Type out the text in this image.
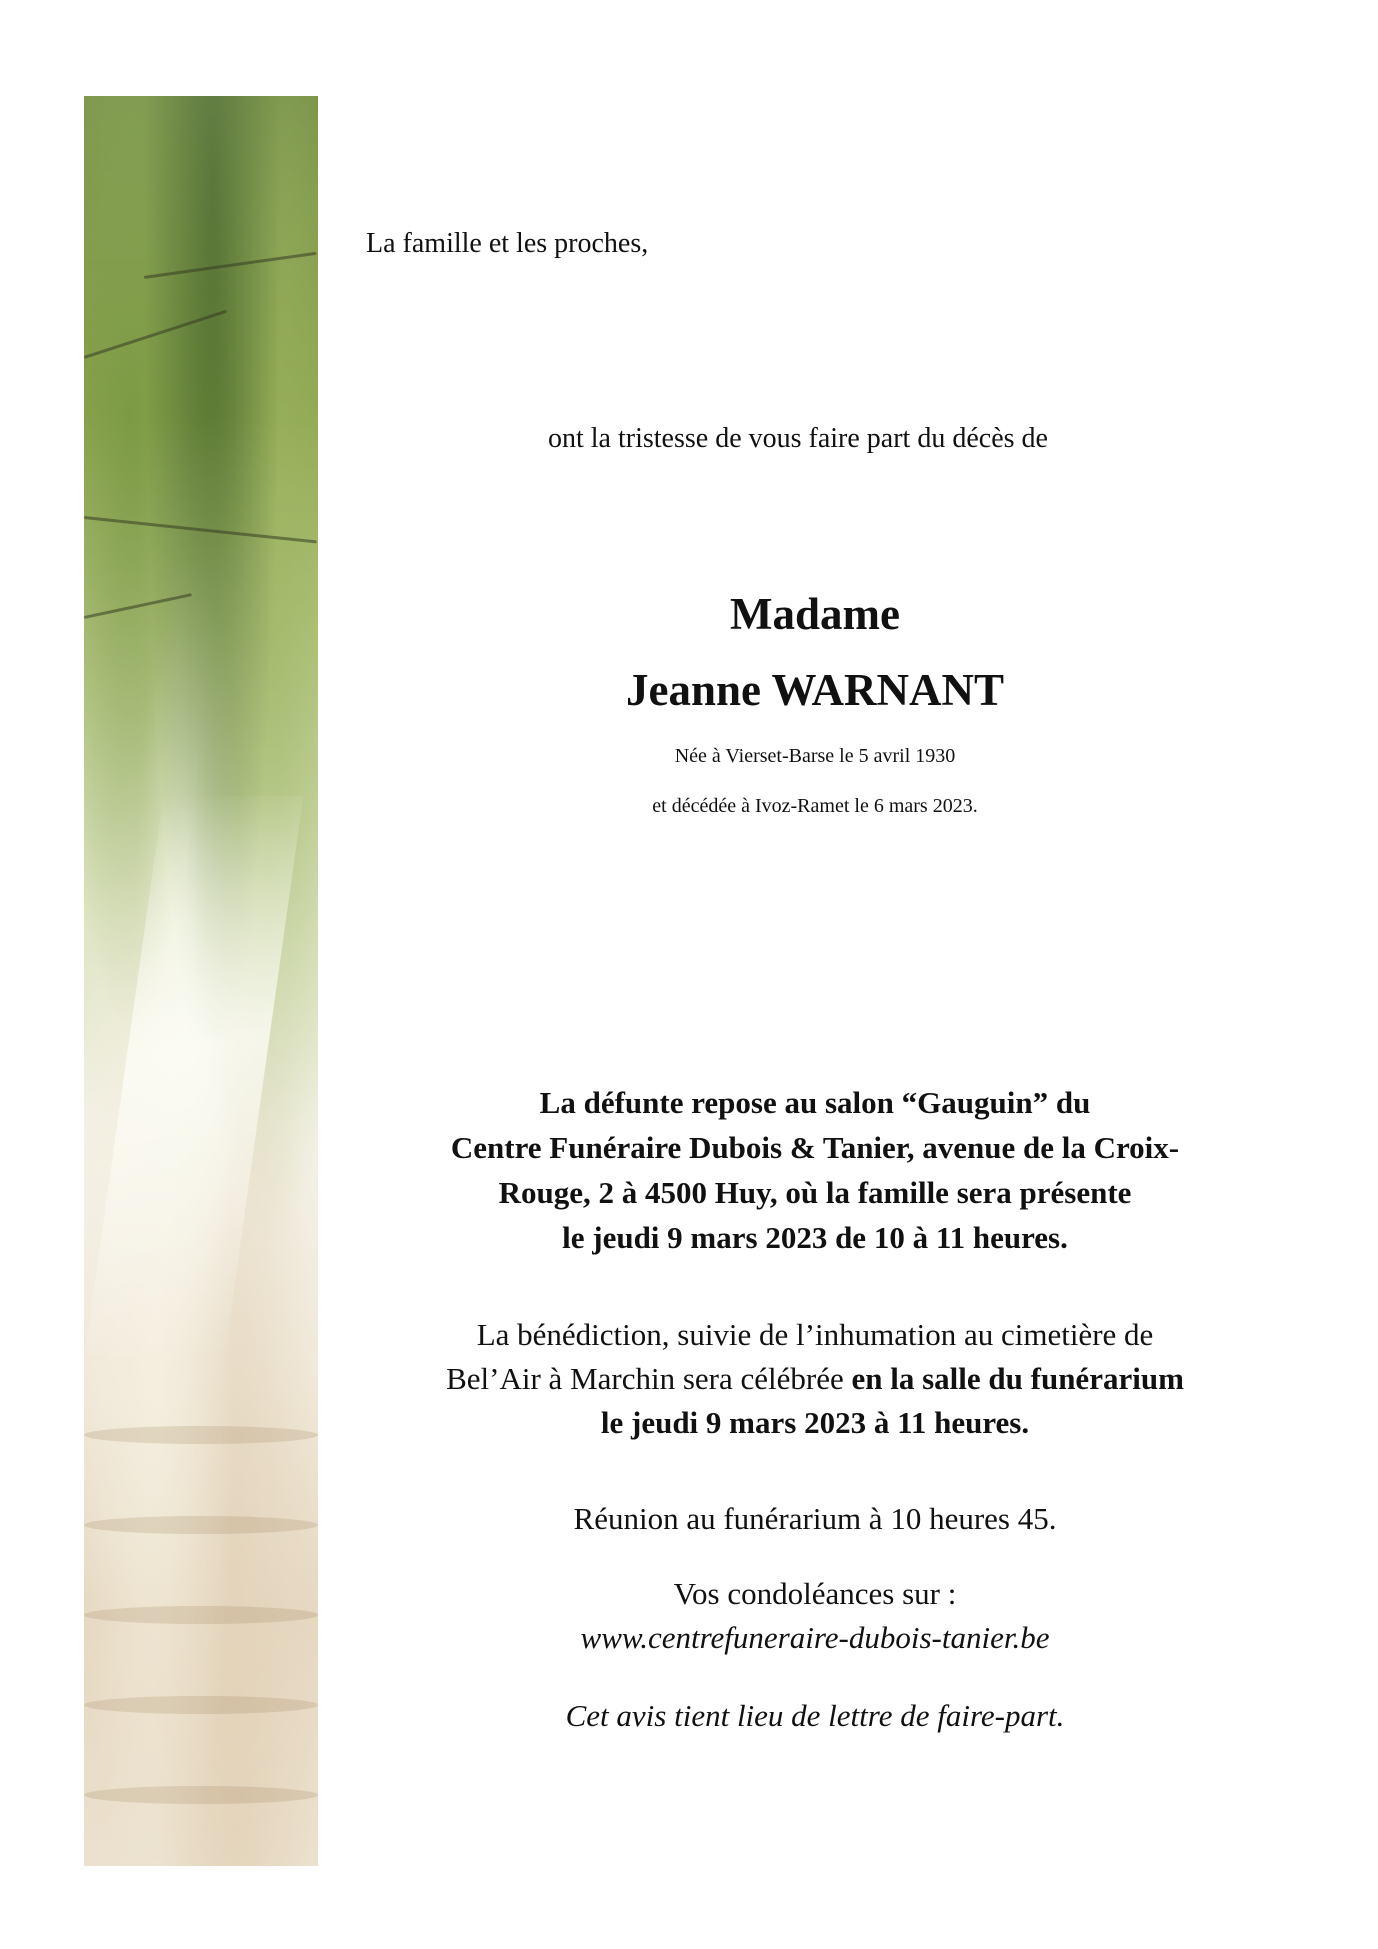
La famille et les proches,

ont la tristesse de vous faire part du décès de

Madame

Jeanne WARNANT

Née à Vierset-Barse le 5 avril 1930

et décédée à Ivoz-Ramet le 6 mars 2023.

La défunte repose au salon “Gauguin” du
Centre Funéraire Dubois & Tanier, avenue de la Croix-
Rouge, 2 à 4500 Huy, où la famille sera présente
le jeudi 9 mars 2023 de 10 à 11 heures.
La bénédiction, suivie de l’inhumation au cimetière de
Bel’Air à Marchin sera célébrée en la salle du funérarium
le jeudi 9 mars 2023 à 11 heures.

Réunion au funérarium à 10 heures 45.

Vos condoléances sur :

www.centrefuneraire-dubois-tanier.be

Cet avis tient lieu de lettre de faire-part.
